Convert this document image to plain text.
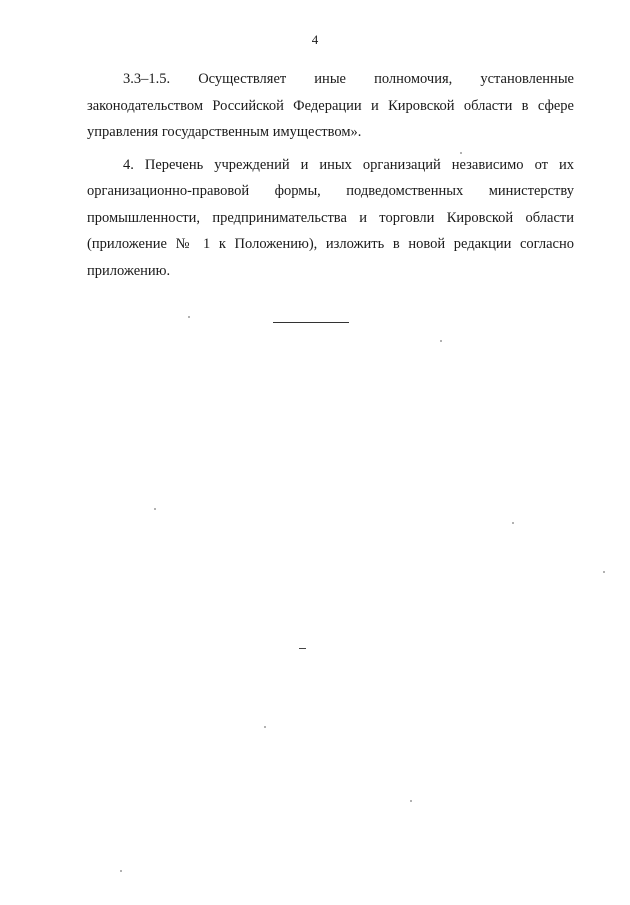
4

3.3–1.5. Осуществляет иные полномочия, установленные законодательством Российской Федерации и Кировской области в сфере управления государственным имуществом».

4. Перечень учреждений и иных организаций независимо от их организационно-правовой формы, подведомственных министерству промышленности, предпринимательства и торговли Кировской области (приложение № 1 к Положению), изложить в новой редакции согласно приложению.
